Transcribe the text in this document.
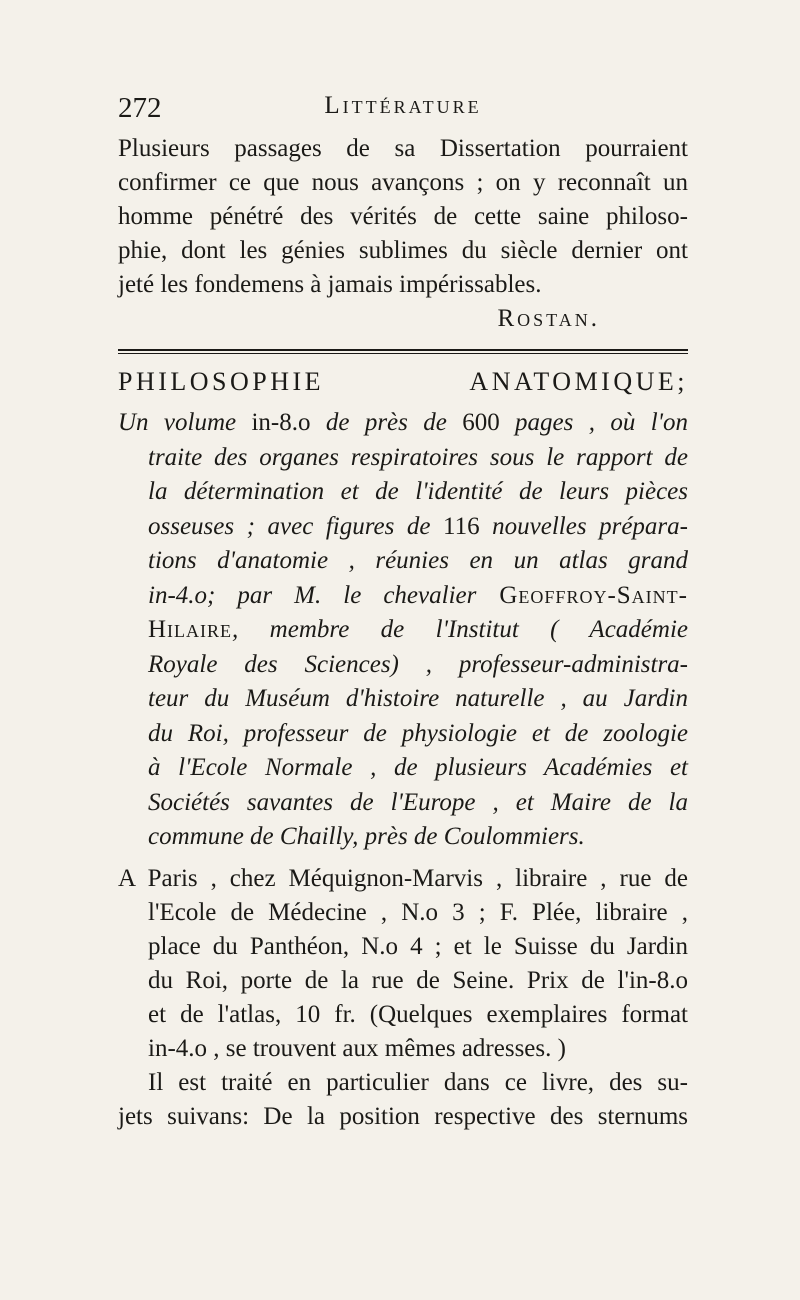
272	Littérature
Plusieurs passages de sa Dissertation pourraient
confirmer ce que nous avançons ; on y reconnaît un
homme pénétré des vérités de cette saine philoso-
phie, dont les génies sublimes du siècle dernier ont
jeté les fondemens à jamais impérissables.
Rostan.
PHILOSOPHIE ANATOMIQUE;
Un volume in-8.o de près de 600 pages , où l'on
traite des organes respiratoires sous le rapport de
la détermination et de l'identité de leurs pièces
osseuses ; avec figures de 116 nouvelles prépara-
tions d'anatomie , réunies en un atlas grand
in-4.o; par M. le chevalier Geoffroy-Saint-
Hilaire, membre de l'Institut ( Académie
Royale des Sciences) , professeur-administra-
teur du Muséum d'histoire naturelle , au Jardin
du Roi, professeur de physiologie et de zoologie
à l'Ecole Normale , de plusieurs Académies et
Sociétés savantes de l'Europe , et Maire de la
commune de Chailly, près de Coulommiers.
A Paris , chez Méquignon-Marvis , libraire , rue de
l'Ecole de Médecine , N.o 3 ; F. Plée, libraire ,
place du Panthéon, N.o 4 ; et le Suisse du Jardin
du Roi, porte de la rue de Seine. Prix de l'in-8.o
et de l'atlas, 10 fr. (Quelques exemplaires format
in-4.o , se trouvent aux mêmes adresses. )
Il est traité en particulier dans ce livre, des su-
jets suivans: De la position respective des sternums
